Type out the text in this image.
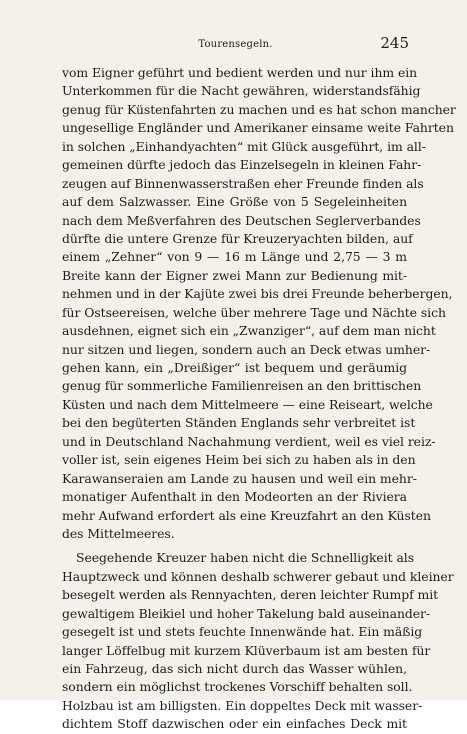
Tourensegeln.	245
vom Eigner geführt und bedient werden und nur ihm ein
Unterkommen für die Nacht gewähren, widerstandsfähig
genug für Küstenfahrten zu machen und es hat schon mancher
ungesellige Engländer und Amerikaner einsame weite Fahrten
in solchen „Einhandyachten“ mit Glück ausgeführt, im all-
gemeinen dürfte jedoch das Einzelsegeln in kleinen Fahr-
zeugen auf Binnenwasserstraßen eher Freunde finden als
auf dem Salzwasser. Eine Größe von 5 Segeleinheiten
nach dem Meßverfahren des Deutschen Seglerverbandes
dürfte die untere Grenze für Kreuzeryachten bilden, auf
einem „Zehner“ von 9 — 16 m Länge und 2,75 — 3 m
Breite kann der Eigner zwei Mann zur Bedienung mit-
nehmen und in der Kajüte zwei bis drei Freunde beherbergen,
für Ostseereisen, welche über mehrere Tage und Nächte sich
ausdehnen, eignet sich ein „Zwanziger“, auf dem man nicht
nur sitzen und liegen, sondern auch an Deck etwas umher-
gehen kann, ein „Dreißiger“ ist bequem und geräumig
genug für sommerliche Familienreisen an den brittischen
Küsten und nach dem Mittelmeere — eine Reiseart, welche
bei den begüterten Ständen Englands sehr verbreitet ist
und in Deutschland Nachahmung verdient, weil es viel reiz-
voller ist, sein eigenes Heim bei sich zu haben als in den
Karawanseraien am Lande zu hausen und weil ein mehr-
monatiger Aufenthalt in den Modeorten an der Riviera
mehr Aufwand erfordert als eine Kreuzfahrt an den Küsten
des Mittelmeeres.
Seegehende Kreuzer haben nicht die Schnelligkeit als
Hauptzweck und können deshalb schwerer gebaut und kleiner
besegelt werden als Rennyachten, deren leichter Rumpf mit
gewaltigem Bleikiel und hoher Takelung bald auseinander-
gesegelt ist und stets feuchte Innenwände hat. Ein mäßig
langer Löffelbug mit kurzem Klüverbaum ist am besten für
ein Fahrzeug, das sich nicht durch das Wasser wühlen,
sondern ein möglichst trockenes Vorschiff behalten soll.
Holzbau ist am billigsten. Ein doppeltes Deck mit wasser-
dichtem Stoff dazwischen oder ein einfaches Deck mit
